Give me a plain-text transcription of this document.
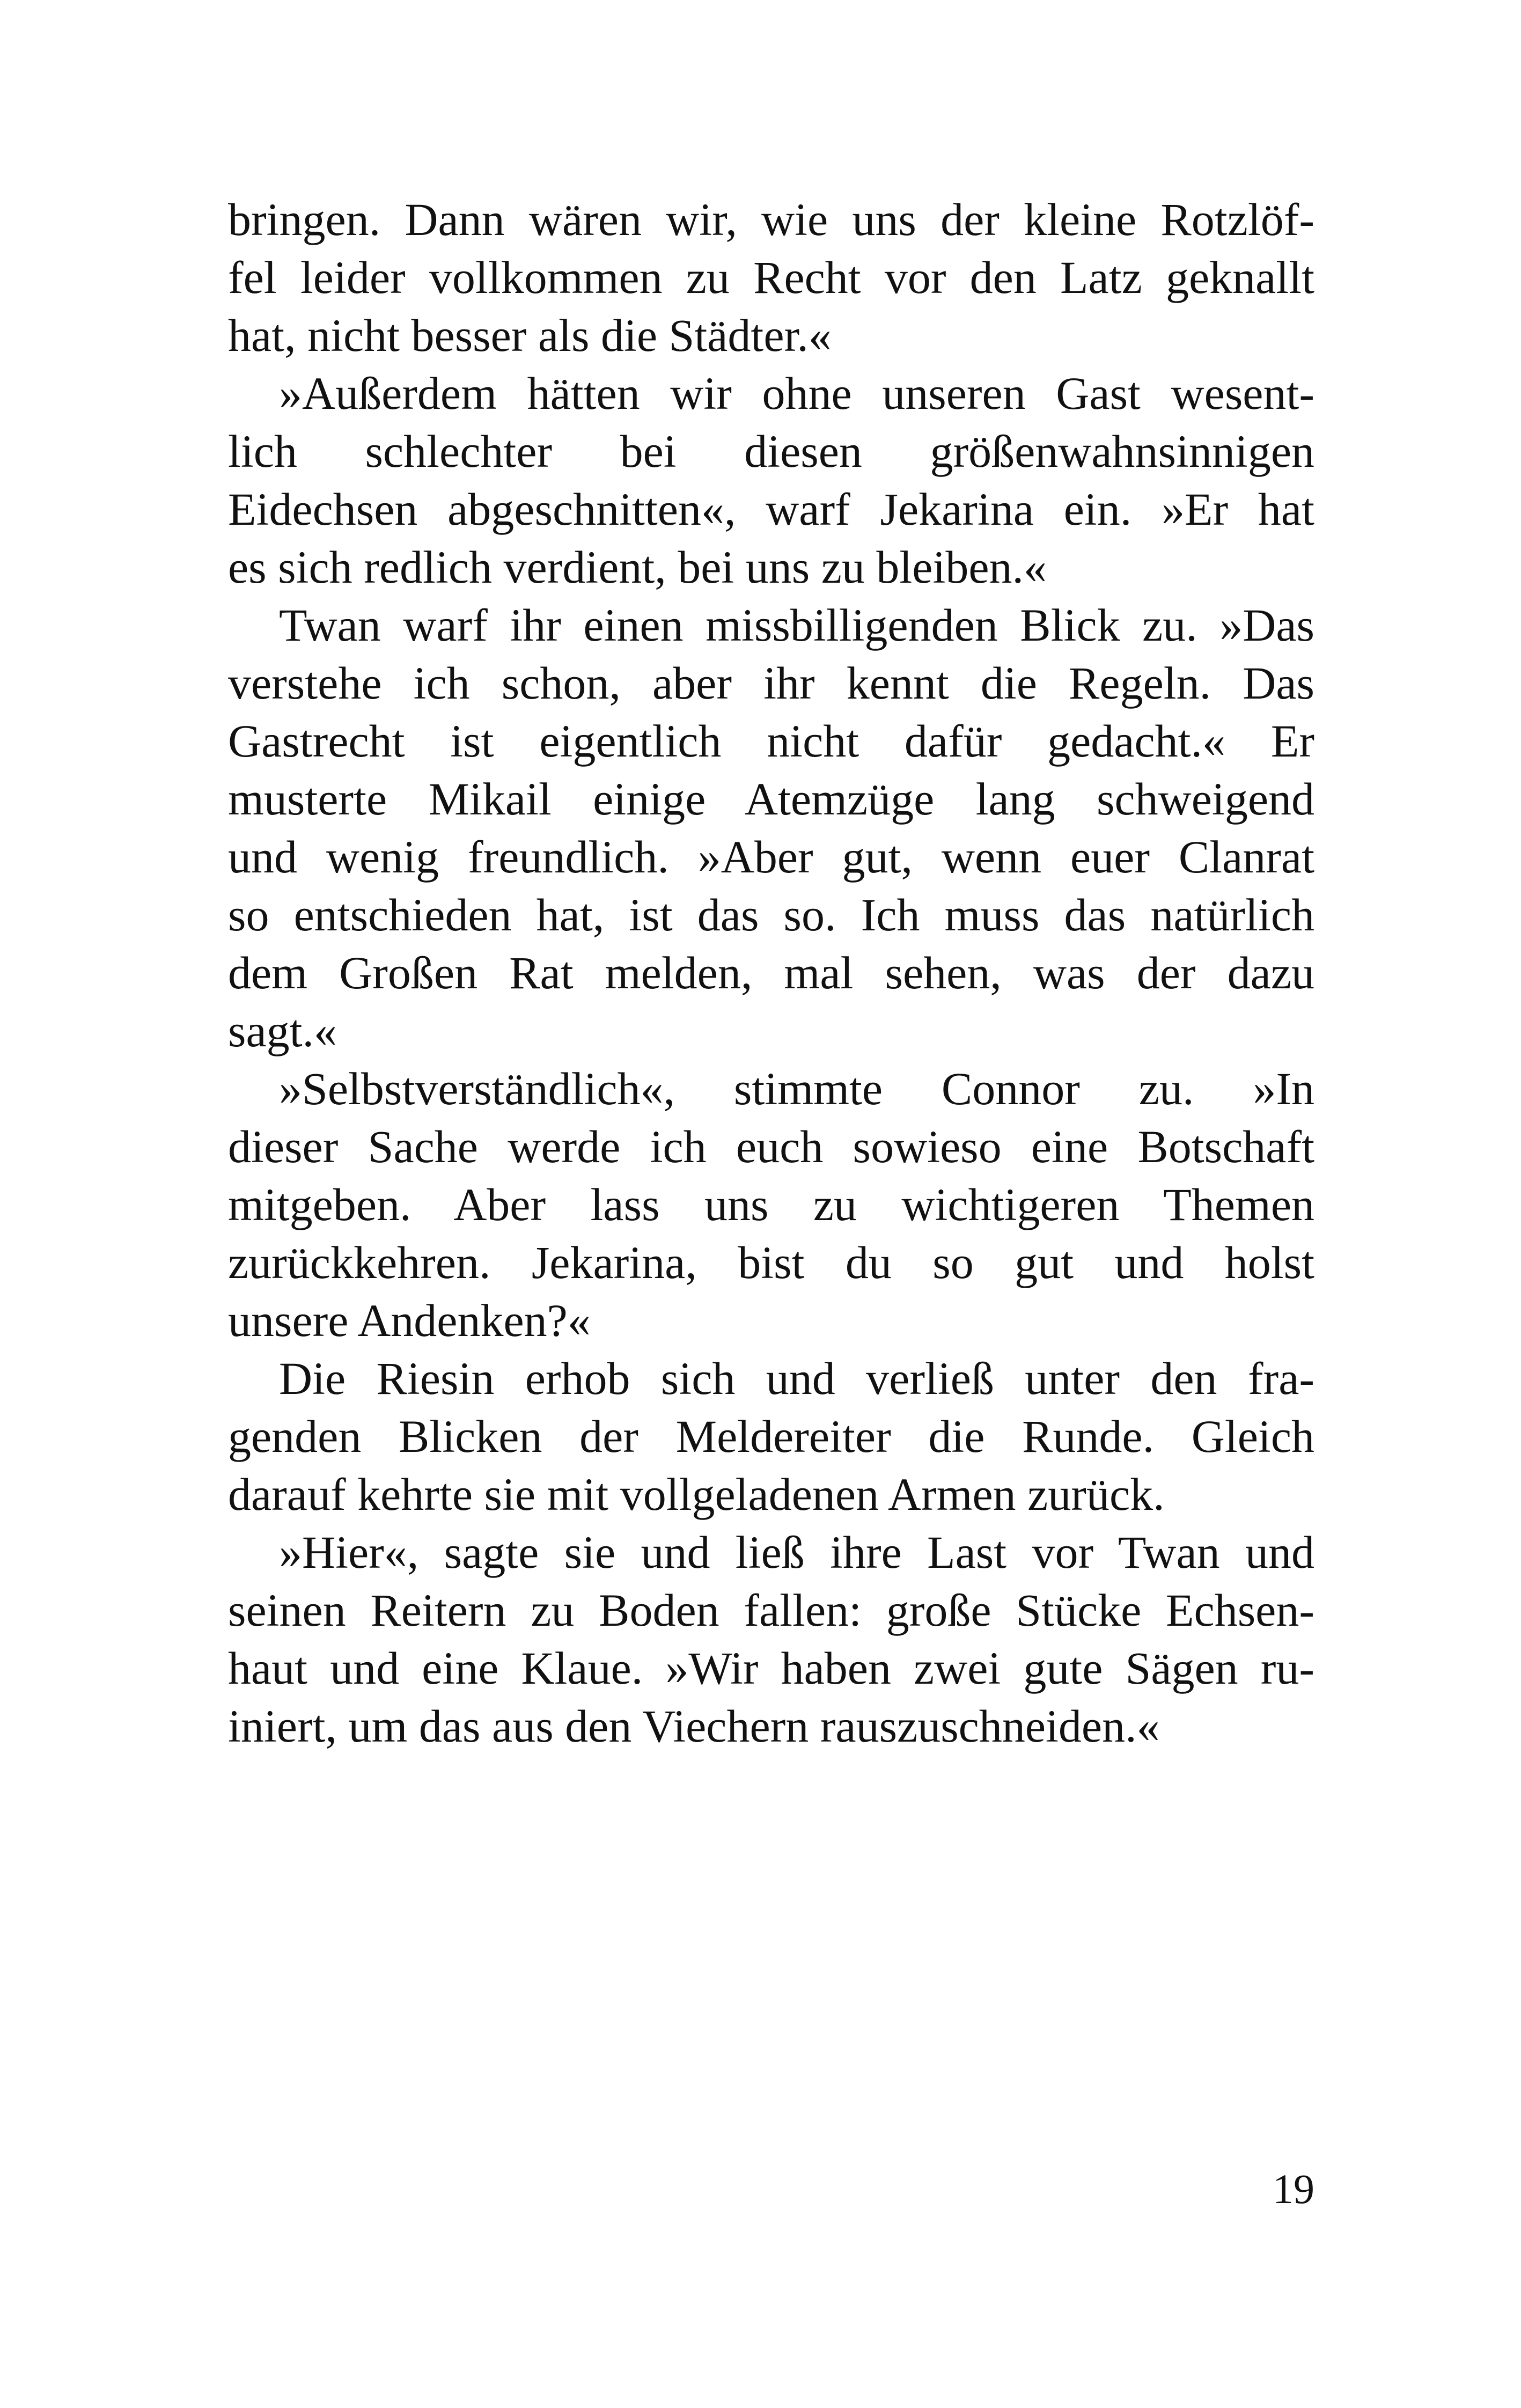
bringen. Dann wären wir, wie uns der kleine Rotzlöf-
fel leider vollkommen zu Recht vor den Latz geknallt
hat, nicht besser als die Städter.«
»Außerdem hätten wir ohne unseren Gast wesent-
lich schlechter bei diesen größenwahnsinnigen
Eidechsen abgeschnitten«, warf Jekarina ein. »Er hat
es sich redlich verdient, bei uns zu bleiben.«
Twan warf ihr einen missbilligenden Blick zu. »Das
verstehe ich schon, aber ihr kennt die Regeln. Das
Gastrecht ist eigentlich nicht dafür gedacht.« Er
musterte Mikail einige Atemzüge lang schweigend
und wenig freundlich. »Aber gut, wenn euer Clanrat
so entschieden hat, ist das so. Ich muss das natürlich
dem Großen Rat melden, mal sehen, was der dazu
sagt.«
»Selbstverständlich«, stimmte Connor zu. »In
dieser Sache werde ich euch sowieso eine Botschaft
mitgeben. Aber lass uns zu wichtigeren Themen
zurückkehren. Jekarina, bist du so gut und holst
unsere Andenken?«
Die Riesin erhob sich und verließ unter den fra-
genden Blicken der Meldereiter die Runde. Gleich
darauf kehrte sie mit vollgeladenen Armen zurück.
»Hier«, sagte sie und ließ ihre Last vor Twan und
seinen Reitern zu Boden fallen: große Stücke Echsen-
haut und eine Klaue. »Wir haben zwei gute Sägen ru-
iniert, um das aus den Viechern rauszuschneiden.«
19
